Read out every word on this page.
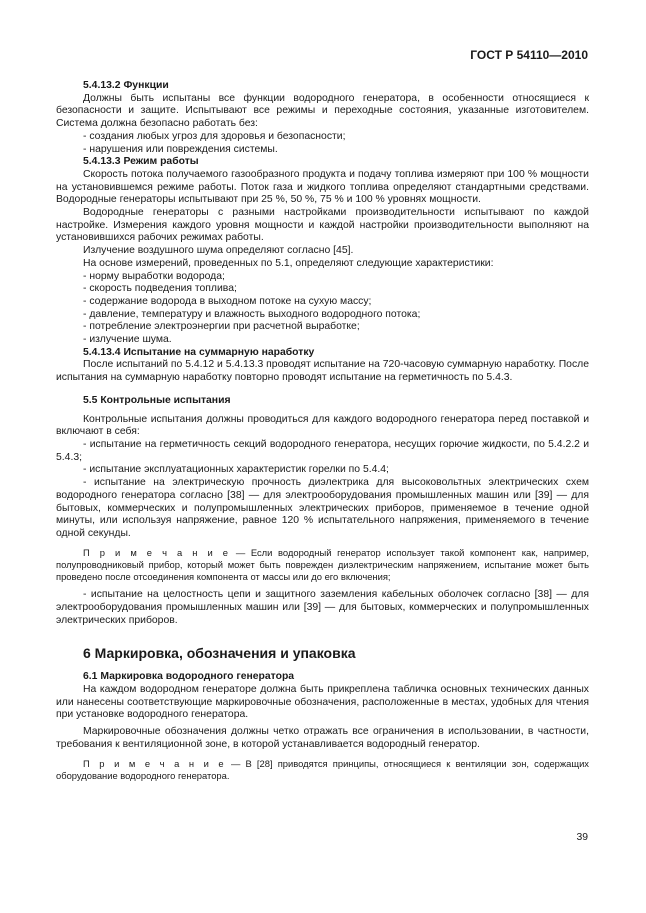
ГОСТ Р 54110—2010

5.4.13.2 Функции

Должны быть испытаны все функции водородного генератора, в особенности относящиеся к безопасности и защите. Испытывают все режимы и переходные состояния, указанные изготовителем. Система должна безопасно работать без:

- создания любых угроз для здоровья и безопасности;

- нарушения или повреждения системы.

5.4.13.3 Режим работы

Скорость потока получаемого газообразного продукта и подачу топлива измеряют при 100 % мощности на установившемся режиме работы. Поток газа и жидкого топлива определяют стандартными средствами. Водородные генераторы испытывают при 25 %, 50 %, 75 % и 100 % уровнях мощности.

Водородные генераторы с разными настройками производительности испытывают по каждой настройке. Измерения каждого уровня мощности и каждой настройки производительности выполняют на установившихся рабочих режимах работы.

Излучение воздушного шума определяют согласно [45].

На основе измерений, проведенных по 5.1, определяют следующие характеристики:

- норму выработки водорода;

- скорость подведения топлива;

- содержание водорода в выходном потоке на сухую массу;

- давление, температуру и влажность выходного водородного потока;

- потребление электроэнергии при расчетной выработке;

- излучение шума.

5.4.13.4 Испытание на суммарную наработку

После испытаний по 5.4.12 и 5.4.13.3 проводят испытание на 720-часовую суммарную наработку. После испытания на суммарную наработку повторно проводят испытание на герметичность по 5.4.3.

5.5 Контрольные испытания

Контрольные испытания должны проводиться для каждого водородного генератора перед поставкой и включают в себя:

- испытание на герметичность секций водородного генератора, несущих горючие жидкости, по 5.4.2.2 и 5.4.3;

- испытание эксплуатационных характеристик горелки по 5.4.4;

- испытание на электрическую прочность диэлектрика для высоковольтных электрических схем водородного генератора согласно [38] — для электрооборудования промышленных машин или [39] — для бытовых, коммерческих и полупромышленных электрических приборов, применяемое в течение одной минуты, или используя напряжение, равное 120 % испытательного напряжения, применяемого в течение одной секунды.

П р и м е ч а н и е — Если водородный генератор использует такой компонент как, например, полупроводниковый прибор, который может быть поврежден диэлектрическим напряжением, испытание может быть проведено после отсоединения компонента от массы или до его включения;

- испытание на целостность цепи и защитного заземления кабельных оболочек согласно [38] — для электрооборудования промышленных машин или [39] — для бытовых, коммерческих и полупромышленных электрических приборов.

6 Маркировка, обозначения и упаковка

6.1 Маркировка водородного генератора

На каждом водородном генераторе должна быть прикреплена табличка основных технических данных или нанесены соответствующие маркировочные обозначения, расположенные в местах, удобных для чтения при установке водородного генератора.

Маркировочные обозначения должны четко отражать все ограничения в использовании, в частности, требования к вентиляционной зоне, в которой устанавливается водородный генератор.

П р и м е ч а н и е — В [28] приводятся принципы, относящиеся к вентиляции зон, содержащих оборудование водородного генератора.

39
